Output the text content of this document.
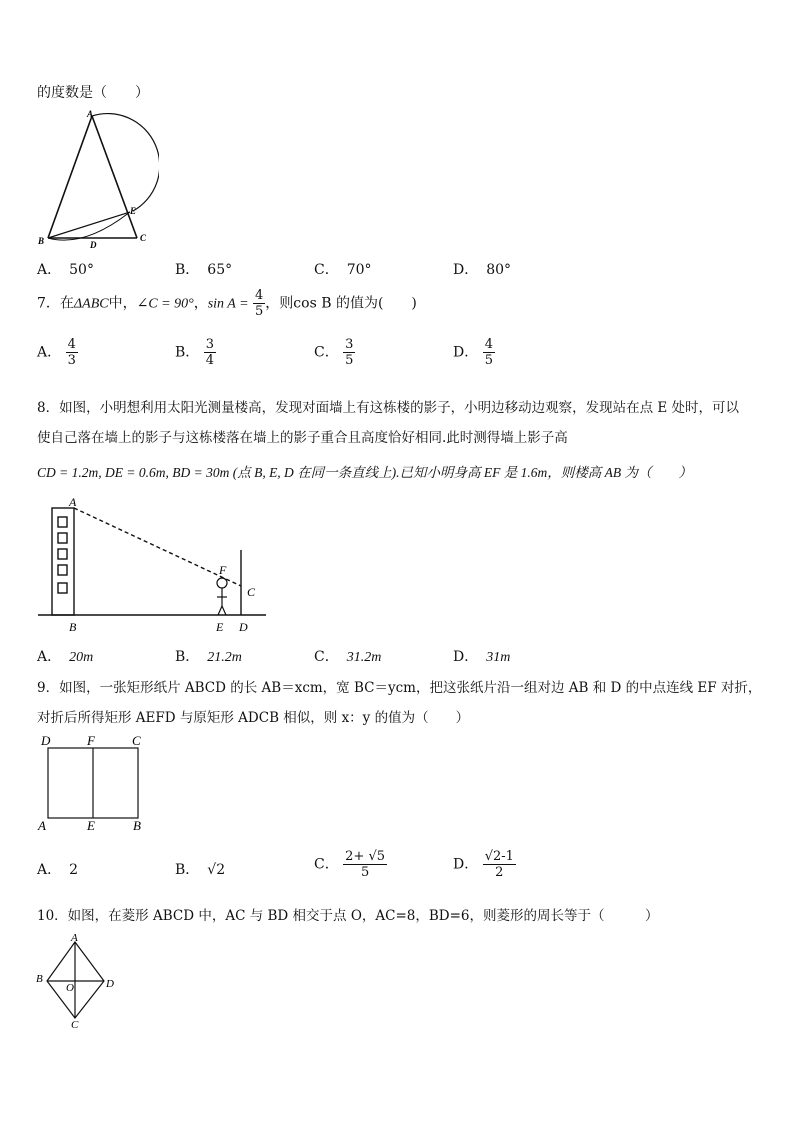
的度数是（　　）
A
B	C
D
E
A． 50°	B． 65°	C． 70°	D． 80°
7．在ΔABC中，∠C = 90°，$\sin A = \frac{4}{5}$ ，则cos B 的值为(　　)
A． $\frac{4}{3}$	B． $\frac{3}{4}$	C． $\frac{3}{5}$	D． $\frac{4}{5}$
8．如图，小明想利用太阳光测量楼高，发现对面墙上有这栋楼的影子，小明边移动边观察，发现站在点 E 处时，可以
使自己落在墙上的影子与这栋楼落在墙上的影子重合且高度恰好相同.此时测得墙上影子高
CD = 1.2m, DE = 0.6m, BD = 30m (点 B, E, D 在同一条直线上).已知小明身高 EF 是 1.6m，则楼高 AB 为（　　）
A
B
C
D
E
F
A． 20m	B． 21.2m	C． 31.2m	D． 31m
9．如图，一张矩形纸片 ABCD 的长 AB＝xcm，宽 BC＝ycm，把这张纸片沿一组对边 AB 和 D 的中点连线 EF 对折，
对折后所得矩形 AEFD 与原矩形 ADCB 相似，则 x：y 的值为（　　）
D	F	C
A	E	B
A． 2	B． √2	C． $\frac{2+ √5}{5}$	D． $\frac{√2-1}{2}$
10．如图，在菱形 ABCD 中，AC 与 BD 相交于点 O，AC=8，BD=6，则菱形的周长等于（　　　）
A
B
C
D
O
